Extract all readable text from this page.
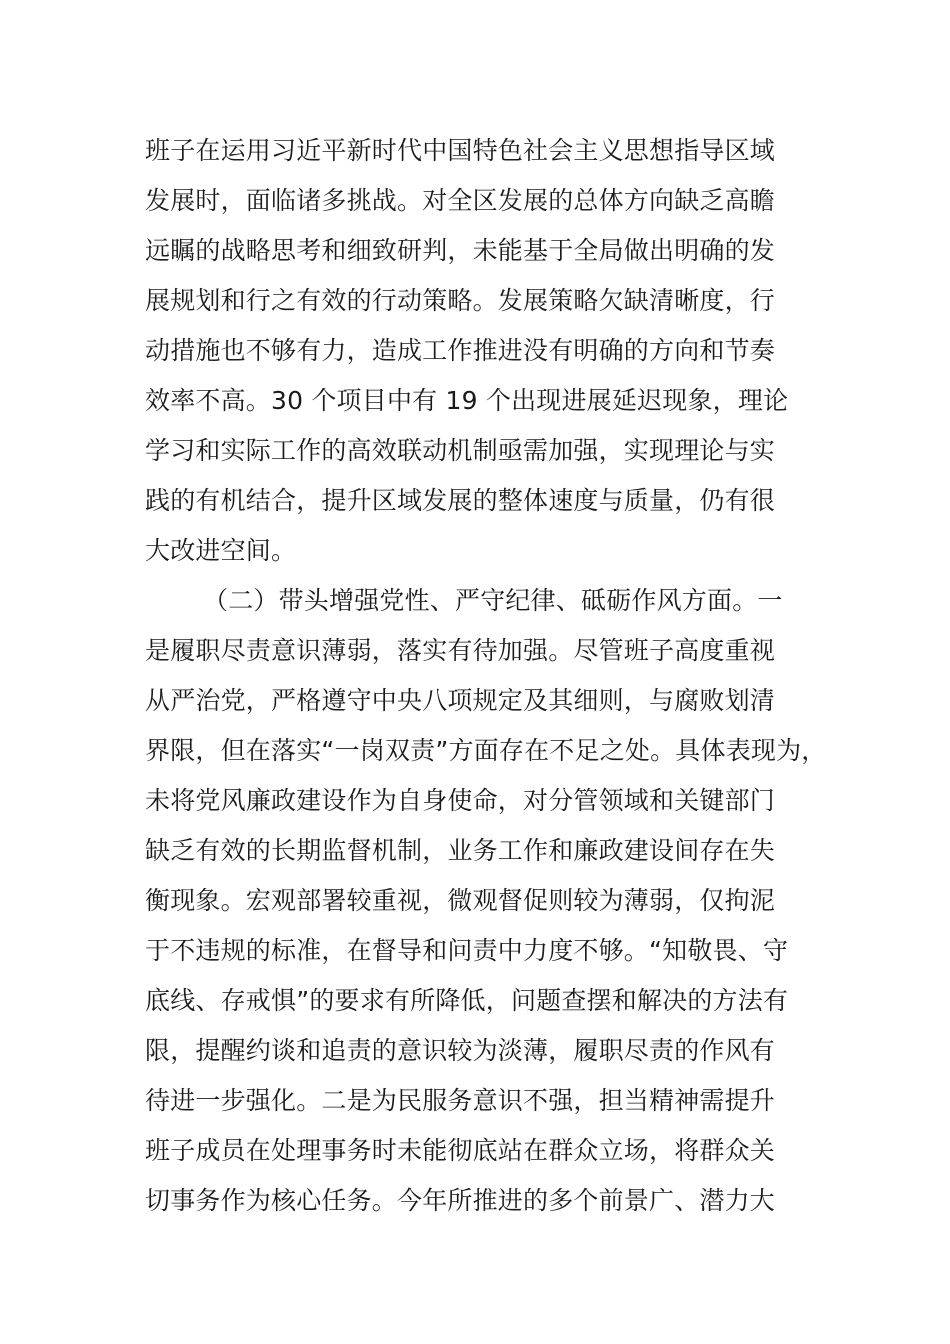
班子在运用习近平新时代中国特色社会主义思想指导区域
发展时，面临诸多挑战。对全区发展的总体方向缺乏高瞻
远瞩的战略思考和细致研判，未能基于全局做出明确的发
展规划和行之有效的行动策略。发展策略欠缺清晰度，行
动措施也不够有力，造成工作推进没有明确的方向和节奏
效率不高。30 个项目中有 19 个出现进展延迟现象，理论
学习和实际工作的高效联动机制亟需加强，实现理论与实
践的有机结合，提升区域发展的整体速度与质量，仍有很
大改进空间。
（二）带头增强党性、严守纪律、砥砺作风方面。一
是履职尽责意识薄弱，落实有待加强。尽管班子高度重视
从严治党，严格遵守中央八项规定及其细则，与腐败划清
界限，但在落实“一岗双责”方面存在不足之处。具体表现为，
未将党风廉政建设作为自身使命，对分管领域和关键部门
缺乏有效的长期监督机制，业务工作和廉政建设间存在失
衡现象。宏观部署较重视，微观督促则较为薄弱，仅拘泥
于不违规的标准，在督导和问责中力度不够。“知敬畏、守
底线、存戒惧”的要求有所降低，问题查摆和解决的方法有
限，提醒约谈和追责的意识较为淡薄，履职尽责的作风有
待进一步强化。二是为民服务意识不强，担当精神需提升
班子成员在处理事务时未能彻底站在群众立场，将群众关
切事务作为核心任务。今年所推进的多个前景广、潜力大
